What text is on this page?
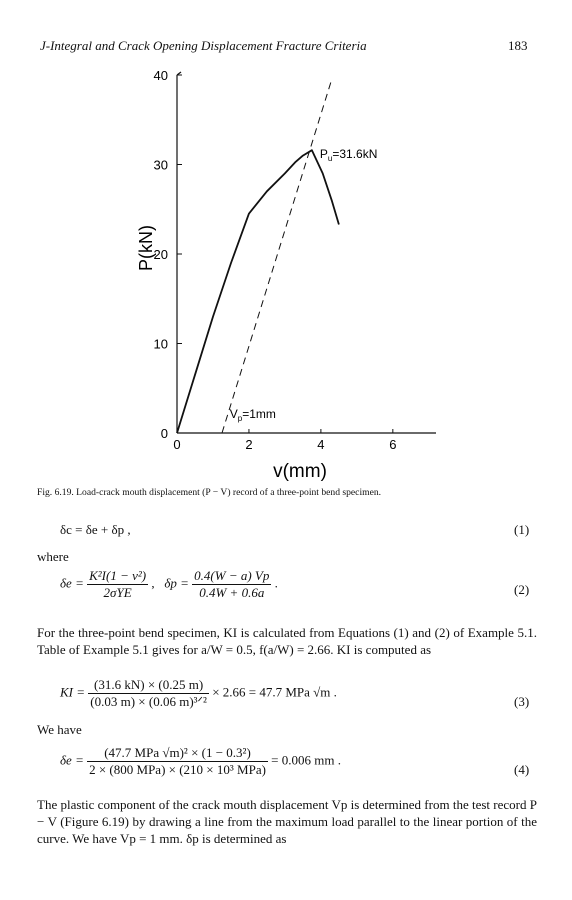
J-Integral and Crack Opening Displacement Fracture Criteria	183
0
10
20
30
40
0	2	4	6
$P_u=31.6kN$
$V_p=1mm$
v(mm)
P(kN)
Fig. 6.19. Load-crack mouth displacement (P − V) record of a three-point bend specimen.
δc = δe + δp ,	(1)
where
$\delta e = \frac{\text{K²I(1 − ν²)}}{\text{2σYE}}$ , $\delta p = \frac{0.4(W - a) Vp}{0.4W + 0.6a}$ .	(2)
For the three-point bend specimen, KI is calculated from Equations (1) and (2) of Example 5.1. Table of Example 5.1 gives for a/W = 0.5, f(a/W) = 2.66. KI is computed as
KI = $\frac{(31.6 kN) \times (0.25 m)}{\text{(0.03 m) × (0.06 m)³ᐟ²}} \times 2.66 = 47.7$ MPa √m .
(3)
We have
$\delta e = \frac{\text{(47.7 MPa √m)² × (1 − 0.3²)}}{\text{2 × (800 MPa) × (210 × 10³ MPa)}} = 0.006$ mm .
(4)
The plastic component of the crack mouth displacement Vp is determined from the test record P − V (Figure 6.19) by drawing a line from the maximum load parallel to the linear portion of the curve. We have Vp = 1 mm. δp is determined as
